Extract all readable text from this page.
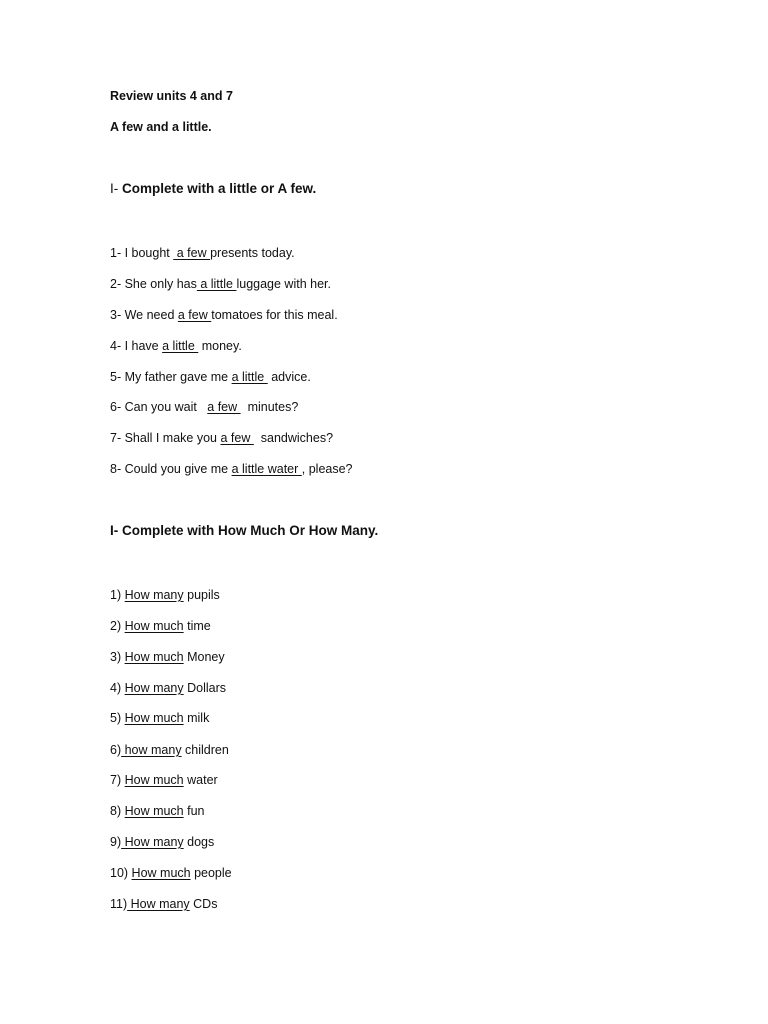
Review units 4 and 7
A few and a little.
I- Complete with a little or A few.
1- I bought  a few presents today.
2- She only has a little luggage with her.
3- We need a few tomatoes for this meal.
4- I have a little  money.
5- My father gave me a little  advice.
6- Can you wait   a few   minutes?
7- Shall I make you a few   sandwiches?
8- Could you give me a little water , please?
I- Complete with How Much Or How Many.
1) How many pupils
2) How much time
3) How much Money
4) How many Dollars
5) How much milk
6) how many children
7) How much water
8) How much fun
9) How many dogs
10) How much people
11) How many CDs
